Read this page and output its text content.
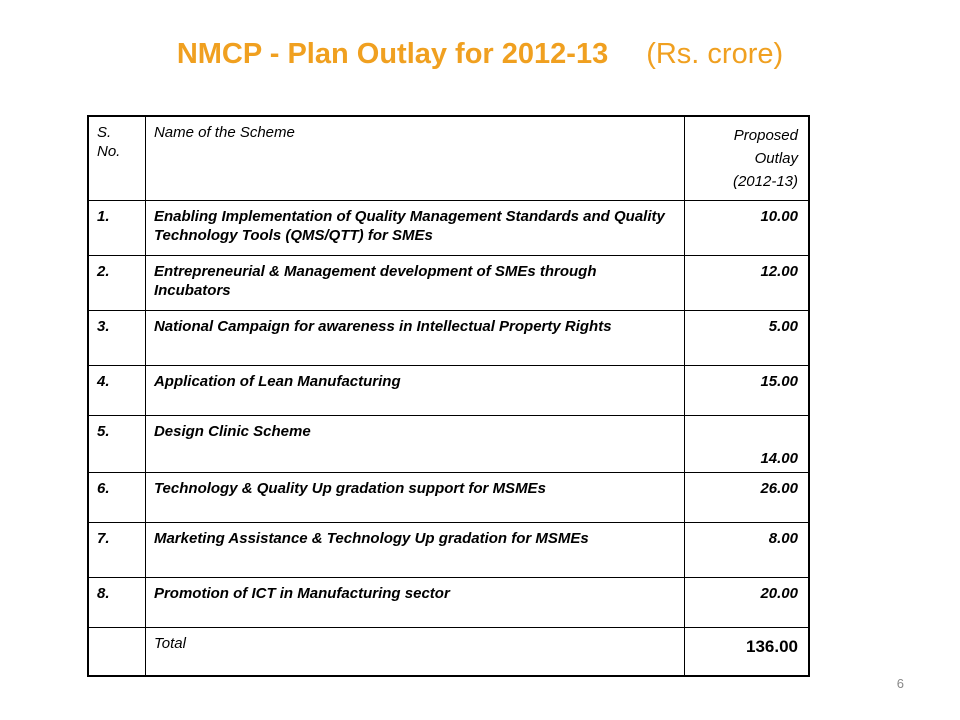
NMCP - Plan Outlay for 2012-13 (Rs. crore)
S. No.	Name of the Scheme	Proposed
Outlay
(2012-13)
1.	Enabling Implementation of Quality Management Standards and Quality Technology Tools (QMS/QTT) for SMEs	10.00
2.	Entrepreneurial & Management development of SMEs through Incubators	12.00
3.	National Campaign for awareness in Intellectual Property Rights	5.00
4.	Application of Lean Manufacturing	15.00
5.	Design Clinic Scheme	14.00
6.	Technology & Quality Up gradation support for MSMEs	26.00
7.	Marketing Assistance & Technology Up gradation for MSMEs	8.00
8.	Promotion of ICT in Manufacturing sector	20.00
	Total	136.00
6
